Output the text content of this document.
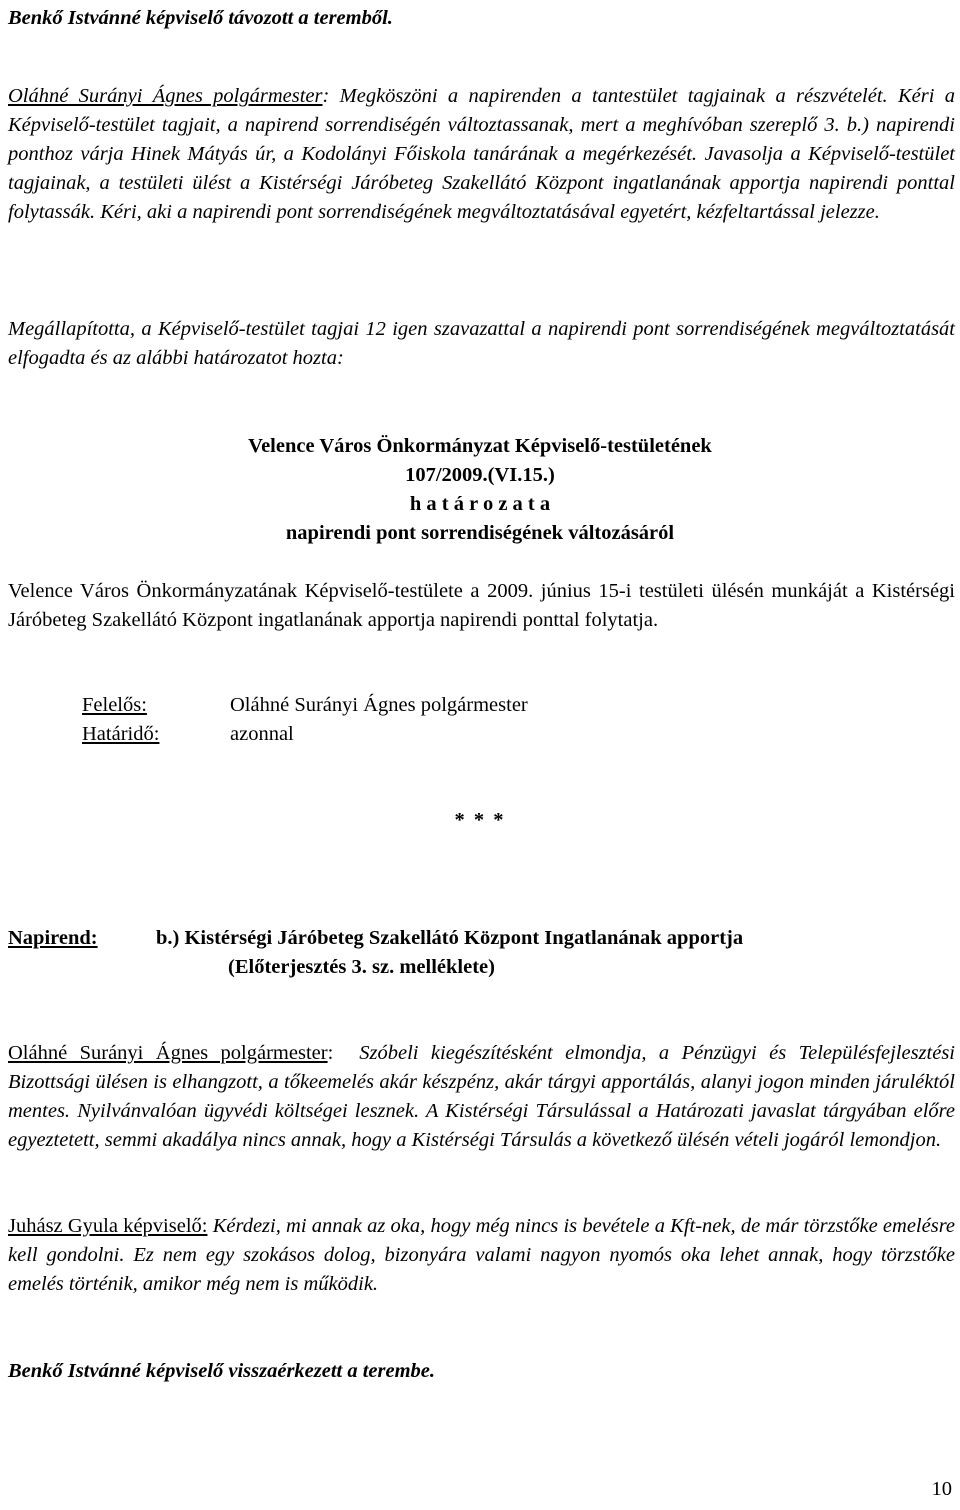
Benkő Istvánné képviselő távozott a teremből.

Oláhné Surányi Ágnes polgármester: Megköszöni a napirenden a tantestület tagjainak a részvételét. Kéri a Képviselő-testület tagjait, a napirend sorrendiségén változtassanak, mert a meghívóban szereplő 3. b.) napirendi ponthoz várja Hinek Mátyás úr, a Kodolányi Főiskola tanárának a megérkezését. Javasolja a Képviselő-testület tagjainak, a testületi ülést a Kistérségi Járóbeteg Szakellátó Központ ingatlanának apportja napirendi ponttal folytassák. Kéri, aki a napirendi pont sorrendiségének megváltoztatásával egyetért, kézfeltartással jelezze.

Megállapította, a Képviselő-testület tagjai 12 igen szavazattal a napirendi pont sorrendiségének megváltoztatását elfogadta és az alábbi határozatot hozta:

Velence Város Önkormányzat Képviselő-testületének
107/2009.(VI.15.)
h a t á r o z a t a
napirendi pont sorrendiségének változásáról

Velence Város Önkormányzatának Képviselő-testülete a 2009. június 15-i testületi ülésén munkáját a Kistérségi Járóbeteg Szakellátó Központ ingatlanának apportja napirendi ponttal folytatja.

Felelős:	Oláhné Surányi Ágnes polgármester
Határidő:	azonnal
* * *
Napirend:	b.) Kistérségi Járóbeteg Szakellátó Központ Ingatlanának apportja
(Előterjesztés 3. sz. melléklete)

Oláhné Surányi Ágnes polgármester: Szóbeli kiegészítésként elmondja, a Pénzügyi és Településfejlesztési Bizottsági ülésen is elhangzott, a tőkeemelés akár készpénz, akár tárgyi apportálás, alanyi jogon minden járuléktól mentes. Nyilvánvalóan ügyvédi költségei lesznek. A Kistérségi Társulással a Határozati javaslat tárgyában előre egyeztetett, semmi akadálya nincs annak, hogy a Kistérségi Társulás a következő ülésén vételi jogáról lemondjon.

Juhász Gyula képviselő: Kérdezi, mi annak az oka, hogy még nincs is bevétele a Kft-nek, de már törzstőke emelésre kell gondolni. Ez nem egy szokásos dolog, bizonyára valami nagyon nyomós oka lehet annak, hogy törzstőke emelés történik, amikor még nem is működik.

Benkő Istvánné képviselő visszaérkezett a terembe.

10
